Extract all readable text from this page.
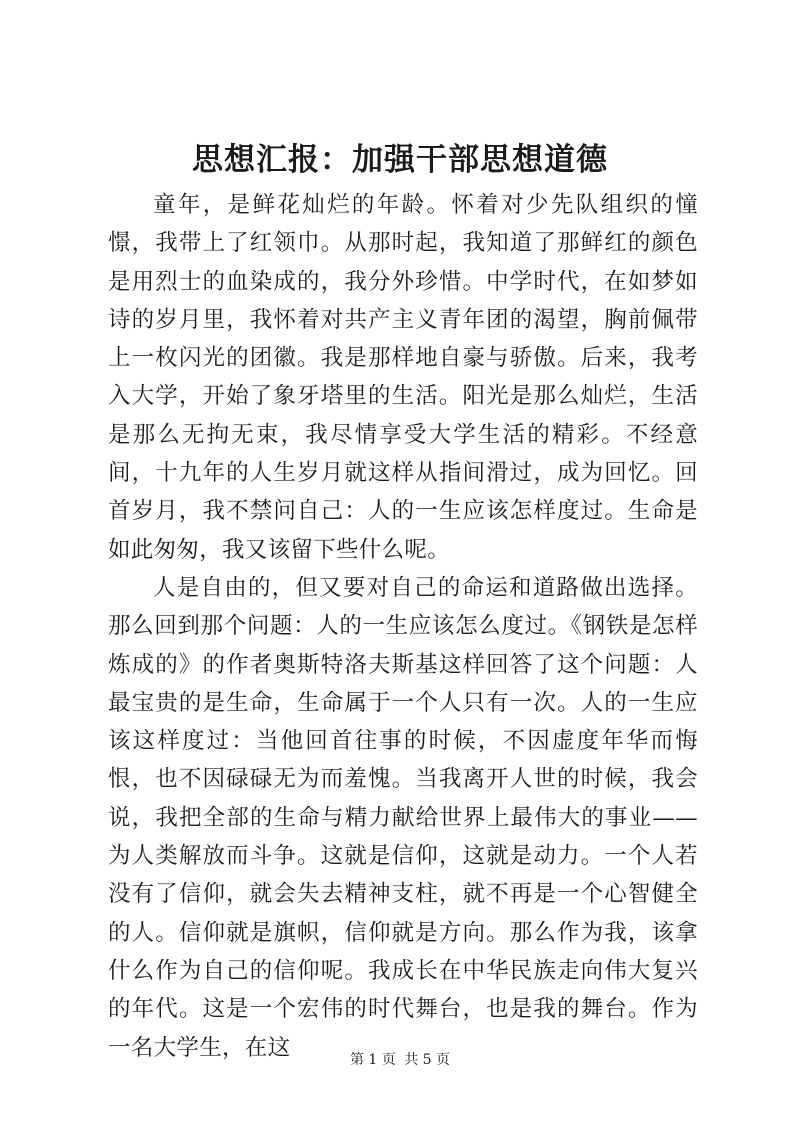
思想汇报：加强干部思想道德

童年，是鲜花灿烂的年龄。怀着对少先队组织的憧憬，我带上了红领巾。从那时起，我知道了那鲜红的颜色是用烈士的血染成的，我分外珍惜。中学时代，在如梦如诗的岁月里，我怀着对共产主义青年团的渴望，胸前佩带上一枚闪光的团徽。我是那样地自豪与骄傲。后来，我考入大学，开始了象牙塔里的生活。阳光是那么灿烂，生活是那么无拘无束，我尽情享受大学生活的精彩。不经意间，十九年的人生岁月就这样从指间滑过，成为回忆。回首岁月，我不禁问自己：人的一生应该怎样度过。生命是如此匆匆，我又该留下些什么呢。

人是自由的，但又要对自己的命运和道路做出选择。那么回到那个问题：人的一生应该怎么度过。《钢铁是怎样炼成的》的作者奥斯特洛夫斯基这样回答了这个问题：人最宝贵的是生命，生命属于一个人只有一次。人的一生应该这样度过：当他回首往事的时候，不因虚度年华而悔恨，也不因碌碌无为而羞愧。当我离开人世的时候，我会说，我把全部的生命与精力献给世界上最伟大的事业——为人类解放而斗争。这就是信仰，这就是动力。一个人若没有了信仰，就会失去精神支柱，就不再是一个心智健全的人。信仰就是旗帜，信仰就是方向。那么作为我，该拿什么作为自己的信仰呢。我成长在中华民族走向伟大复兴的年代。这是一个宏伟的时代舞台，也是我的舞台。作为一名大学生，在这	第 1 页 共 5 页
